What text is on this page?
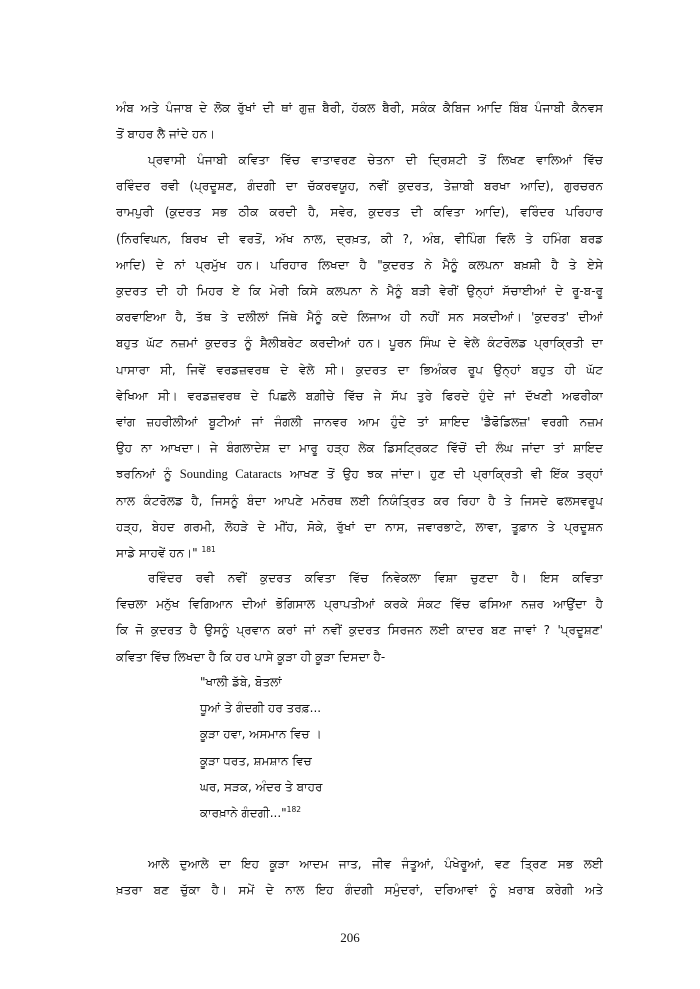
ਅੰਬ ਅਤੇ ਪੰਜਾਬ ਦੇ ਲੋਕ ਰੁੱਖਾਂ ਦੀ ਥਾਂ ਗੁਜ਼ ਬੈਰੀ, ਹੱਕਲ ਬੈਰੀ, ਸਕੰਕ ਕੈਬਿਜ ਆਦਿ ਬਿੰਬ ਪੰਜਾਬੀ ਕੈਨਵਸ
ਤੋਂ ਬਾਹਰ ਲੈ ਜਾਂਦੇ ਹਨ।
ਪ੍ਰਵਾਸੀ ਪੰਜਾਬੀ ਕਵਿਤਾ ਵਿੱਚ ਵਾਤਾਵਰਣ ਚੇਤਨਾ ਦੀ ਦ੍ਰਿਸ਼ਟੀ ਤੋਂ ਲਿਖਣ ਵਾਲਿਆਂ ਵਿੱਚ
ਰਵਿੰਦਰ ਰਵੀ (ਪ੍ਰਦੂਸ਼ਣ, ਗੰਦਗੀ ਦਾ ਚੱਕਰਵਯੂਹ, ਨਵੀਂ ਕੁਦਰਤ, ਤੇਜ਼ਾਬੀ ਬਰਖਾ ਆਦਿ), ਗੁਰਚਰਨ
ਰਾਮਪੁਰੀ (ਕੁਦਰਤ ਸਭ ਠੀਕ ਕਰਦੀ ਹੈ, ਸਵੇਰ, ਕੁਦਰਤ ਦੀ ਕਵਿਤਾ ਆਦਿ), ਵਰਿੰਦਰ ਪਰਿਹਾਰ
(ਨਿਰਵਿਘਨ, ਬਿਰਖ ਦੀ ਵਰਤੋਂ, ਅੱਖ ਨਾਲ, ਦ੍ਰਖ਼ਤ, ਕੀ ?, ਅੰਬ, ਵੀਪਿੰਗ ਵਿਲੋ ਤੇ ਹਮਿੰਗ ਬਰਡ
ਆਦਿ) ਦੇ ਨਾਂ ਪ੍ਰਮੁੱਖ ਹਨ। ਪਰਿਹਾਰ ਲਿਖਦਾ ਹੈ "ਕੁਦਰਤ ਨੇ ਮੈਨੂੰ ਕਲਪਨਾ ਬਖ਼ਸ਼ੀ ਹੈ ਤੇ ਏਸੇ
ਕੁਦਰਤ ਦੀ ਹੀ ਮਿਹਰ ਏ ਕਿ ਮੇਰੀ ਕਿਸੇ ਕਲਪਨਾ ਨੇ ਮੈਨੂੰ ਬੜੀ ਵੇਰੀਂ ਉਨ੍ਹਾਂ ਸੱਚਾਈਆਂ ਦੇ ਰੂ-ਬ-ਰੂ
ਕਰਵਾਇਆ ਹੈ, ਤੱਥ ਤੇ ਦਲੀਲਾਂ ਜਿੱਥੇ ਮੈਨੂੰ ਕਦੇ ਲਿਜਾਅ ਹੀ ਨਹੀਂ ਸਨ ਸਕਦੀਆਂ। 'ਕੁਦਰਤ' ਦੀਆਂ
ਬਹੁਤ ਘੱਟ ਨਜ਼ਮਾਂ ਕੁਦਰਤ ਨੂੰ ਸੈਲੀਬਰੇਟ ਕਰਦੀਆਂ ਹਨ। ਪੂਰਨ ਸਿੰਘ ਦੇ ਵੇਲੇ ਕੰਟਰੋਲਡ ਪ੍ਰਾਕ੍ਰਿਤੀ ਦਾ
ਪਾਸਾਰਾ ਸੀ, ਜਿਵੇਂ ਵਰਡਜ਼ਵਰਥ ਦੇ ਵੇਲੇ ਸੀ। ਕੁਦਰਤ ਦਾ ਭਿਅੰਕਰ ਰੂਪ ਉਨ੍ਹਾਂ ਬਹੁਤ ਹੀ ਘੱਟ
ਵੇਖਿਆ ਸੀ। ਵਰਡਜ਼ਵਰਥ ਦੇ ਪਿਛਲੇ ਬਗ਼ੀਚੇ ਵਿੱਚ ਜੇ ਸੱਪ ਤੁਰੇ ਫਿਰਦੇ ਹੁੰਦੇ ਜਾਂ ਦੱਖਣੀ ਅਫਰੀਕਾ
ਵਾਂਗ ਜ਼ਹਰੀਲੀਆਂ ਬੂਟੀਆਂ ਜਾਂ ਜੰਗਲੀ ਜਾਨਵਰ ਆਮ ਹੁੰਦੇ ਤਾਂ ਸ਼ਾਇਦ 'ਡੈਫੋਡਿਲਜ਼' ਵਰਗੀ ਨਜ਼ਮ
ਉਹ ਨਾ ਆਖਦਾ। ਜੇ ਬੰਗਲਾਦੇਸ਼ ਦਾ ਮਾਰੂ ਹੜ੍ਹ ਲੇਕ ਡਿਸਟ੍ਰਿਕਟ ਵਿੱਚੋਂ ਦੀ ਲੰਘ ਜਾਂਦਾ ਤਾਂ ਸ਼ਾਇਦ
ਝਰਨਿਆਂ ਨੂੰ Sounding Cataracts ਆਖਣ ਤੋਂ ਉਹ ਝਕ ਜਾਂਦਾ। ਹੁਣ ਦੀ ਪ੍ਰਾਕ੍ਰਿਤੀ ਵੀ ਇੱਕ ਤਰ੍ਹਾਂ
ਨਾਲ ਕੰਟਰੋਲਡ ਹੈ, ਜਿਸਨੂੰ ਬੰਦਾ ਆਪਣੇ ਮਨੋਰਥ ਲਈ ਨਿਯੰਤ੍ਰਿਤ ਕਰ ਰਿਹਾ ਹੈ ਤੇ ਜਿਸਦੇ ਫਲਸਵਰੂਪ
ਹੜ੍ਹ, ਬੇਹਦ ਗਰਮੀ, ਲੋਹੜੇ ਦੇ ਮੀਂਹ, ਸੋਕੇ, ਰੁੱਖਾਂ ਦਾ ਨਾਸ, ਜਵਾਰਭਾਟੇ, ਲਾਵਾ, ਤੂਫ਼ਾਨ ਤੇ ਪ੍ਰਦੂਸ਼ਨ
ਸਾਡੇ ਸਾਹਵੇਂ ਹਨ।" $^{181}$
ਰਵਿੰਦਰ ਰਵੀ ਨਵੀਂ ਕੁਦਰਤ ਕਵਿਤਾ ਵਿੱਚ ਨਿਵੇਕਲਾ ਵਿਸ਼ਾ ਚੁਣਦਾ ਹੈ। ਇਸ ਕਵਿਤਾ
ਵਿਚਲਾ ਮਨੁੱਖ ਵਿਗਿਆਨ ਦੀਆਂ ਭੋਗਿਸਾਲ ਪ੍ਰਾਪਤੀਆਂ ਕਰਕੇ ਸੰਕਟ ਵਿੱਚ ਫਸਿਆ ਨਜ਼ਰ ਆਉਂਦਾ ਹੈ
ਕਿ ਜੋ ਕੁਦਰਤ ਹੈ ਉਸਨੂੰ ਪ੍ਰਵਾਨ ਕਰਾਂ ਜਾਂ ਨਵੀਂ ਕੁਦਰਤ ਸਿਰਜਨ ਲਈ ਕਾਦਰ ਬਣ ਜਾਵਾਂ ? 'ਪ੍ਰਦੂਸ਼ਣ'
ਕਵਿਤਾ ਵਿੱਚ ਲਿਖਦਾ ਹੈ ਕਿ ਹਰ ਪਾਸੇ ਕੂੜਾ ਹੀ ਕੂੜਾ ਦਿਸਦਾ ਹੈ-
"ਖਾਲੀ ਡੱਬੇ, ਬੋਤਲਾਂ
ਧੂਆਂ ਤੇ ਗੰਦਗੀ ਹਰ ਤਰਫ਼...
ਕੂੜਾ ਹਵਾ, ਅਸਮਾਨ ਵਿਚ ।
ਕੂੜਾ ਧਰਤ, ਸ਼ਮਸ਼ਾਨ ਵਿਚ
ਘਰ, ਸੜਕ, ਅੰਦਰ ਤੇ ਬਾਹਰ
ਕਾਰਖ਼ਾਨੇ ਗੰਦਗੀ..."$^{182}$
ਆਲੇ ਦੁਆਲੇ ਦਾ ਇਹ ਕੂੜਾ ਆਦਮ ਜਾਤ, ਜੀਵ ਜੰਤੂਆਂ, ਪੰਖੇਰੂਆਂ, ਵਣ ਤ੍ਰਿਣ ਸਭ ਲਈ
ਖ਼ਤਰਾ ਬਣ ਚੁੱਕਾ ਹੈ। ਸਮੇਂ ਦੇ ਨਾਲ ਇਹ ਗੰਦਗੀ ਸਮੁੰਦਰਾਂ, ਦਰਿਆਵਾਂ ਨੂੰ ਖ਼ਰਾਬ ਕਰੇਗੀ ਅਤੇ
206
